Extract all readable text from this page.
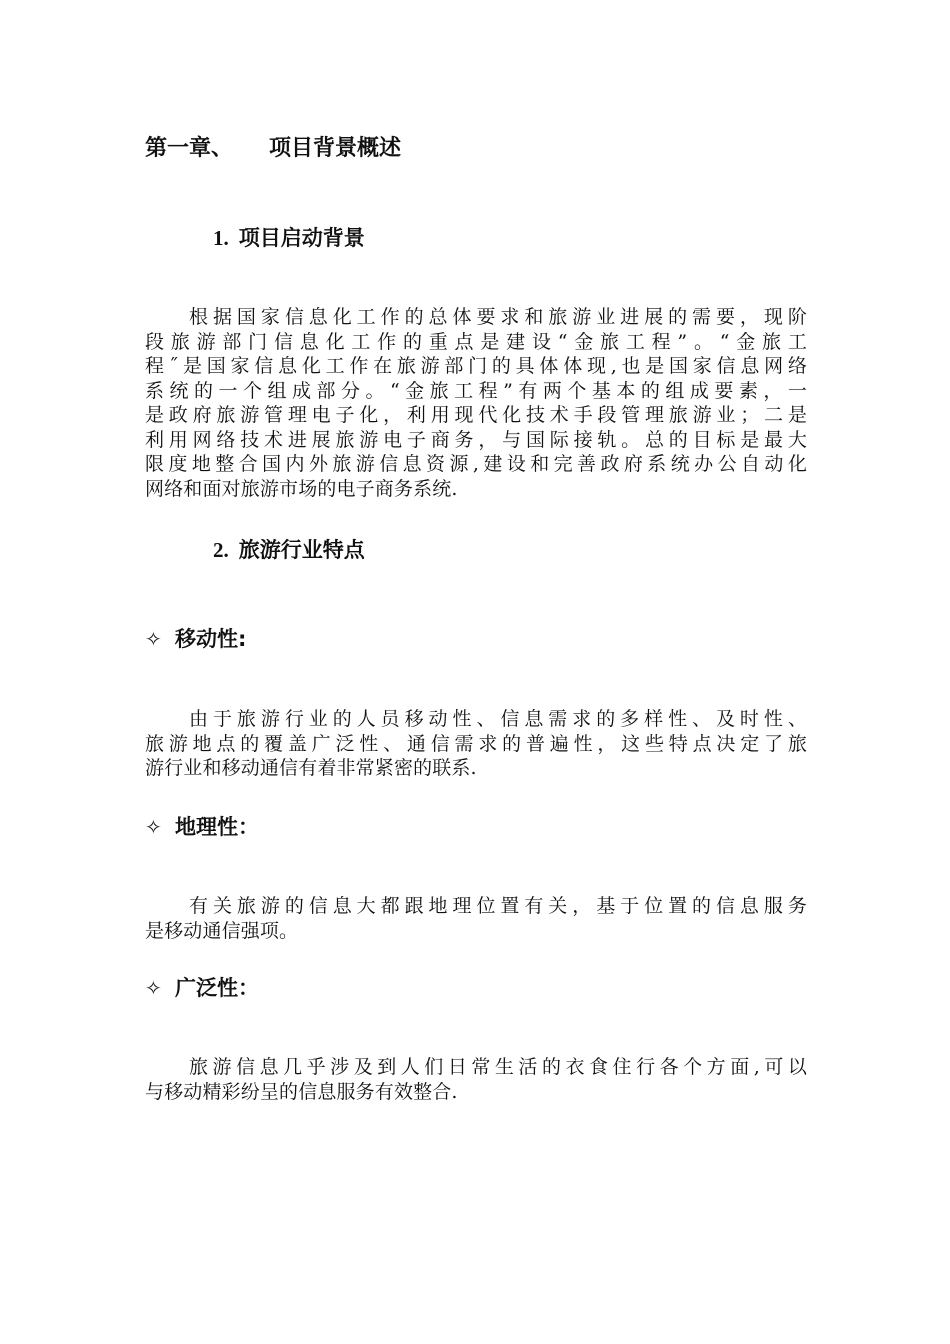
第一章、 项目背景概述
1. 项目启动背景
根据国家信息化工作的总体要求和旅游业进展的需要，现阶
段旅游部门信息化工作的重点是建设“金旅工程”。“金旅工
程˝是国家信息化工作在旅游部门的具体体现,也是国家信息网络
系统的一个组成部分。“金旅工程”有两个基本的组成要素，一
是政府旅游管理电子化，利用现代化技术手段管理旅游业；二是
利用网络技术进展旅游电子商务，与国际接轨。总的目标是最大
限度地整合国内外旅游信息资源,建设和完善政府系统办公自动化
网络和面对旅游市场的电子商务系统.
2. 旅游行业特点
✧ 移动性:
由于旅游行业的人员移动性、信息需求的多样性、及时性、
旅游地点的覆盖广泛性、通信需求的普遍性，这些特点决定了旅
游行业和移动通信有着非常紧密的联系.
✧ 地理性：
有关旅游的信息大都跟地理位置有关，基于位置的信息服务
是移动通信强项。
✧ 广泛性：
旅游信息几乎涉及到人们日常生活的衣食住行各个方面,可以
与移动精彩纷呈的信息服务有效整合.
